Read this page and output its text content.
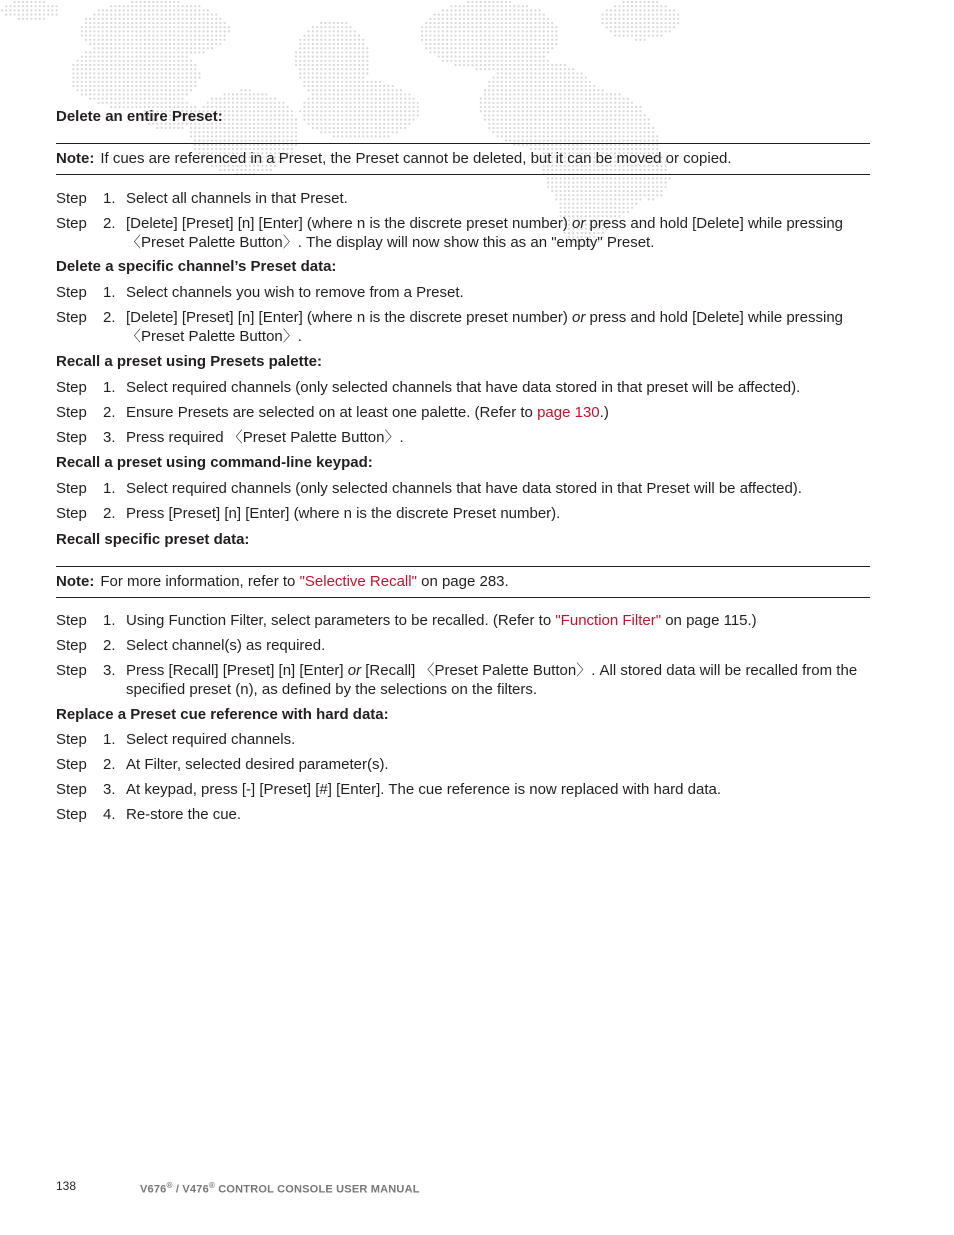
Delete an entire Preset:

Note: If cues are referenced in a Preset, the Preset cannot be deleted, but it can be moved or copied.

Step 1. Select all channels in that Preset.

Step 2. [Delete] [Preset] [n] [Enter] (where n is the discrete preset number) or press and hold [Delete] while pressing 〈Preset Palette Button〉. The display will now show this as an "empty" Preset.

Delete a specific channel’s Preset data:

Step 1. Select channels you wish to remove from a Preset.

Step 2. [Delete] [Preset] [n] [Enter] (where n is the discrete preset number) or press and hold [Delete] while pressing 〈Preset Palette Button〉.

Recall a preset using Presets palette:

Step 1. Select required channels (only selected channels that have data stored in that preset will be affected).

Step 2. Ensure Presets are selected on at least one palette. (Refer to page 130.)

Step 3. Press required 〈Preset Palette Button〉.

Recall a preset using command-line keypad:

Step 1. Select required channels (only selected channels that have data stored in that Preset will be affected).

Step 2. Press [Preset] [n] [Enter] (where n is the discrete Preset number).

Recall specific preset data:

Note: For more information, refer to "Selective Recall" on page 283.

Step 1. Using Function Filter, select parameters to be recalled. (Refer to "Function Filter" on page 115.)

Step 2. Select channel(s) as required.

Step 3. Press [Recall] [Preset] [n] [Enter] or [Recall] 〈Preset Palette Button〉. All stored data will be recalled from the specified preset (n), as defined by the selections on the filters.

Replace a Preset cue reference with hard data:

Step 1. Select required channels.

Step 2. At Filter, selected desired parameter(s).

Step 3. At keypad, press [-] [Preset] [#] [Enter]. The cue reference is now replaced with hard data.

Step 4. Re-store the cue.

138	V676® / V476® CONTROL CONSOLE USER MANUAL
